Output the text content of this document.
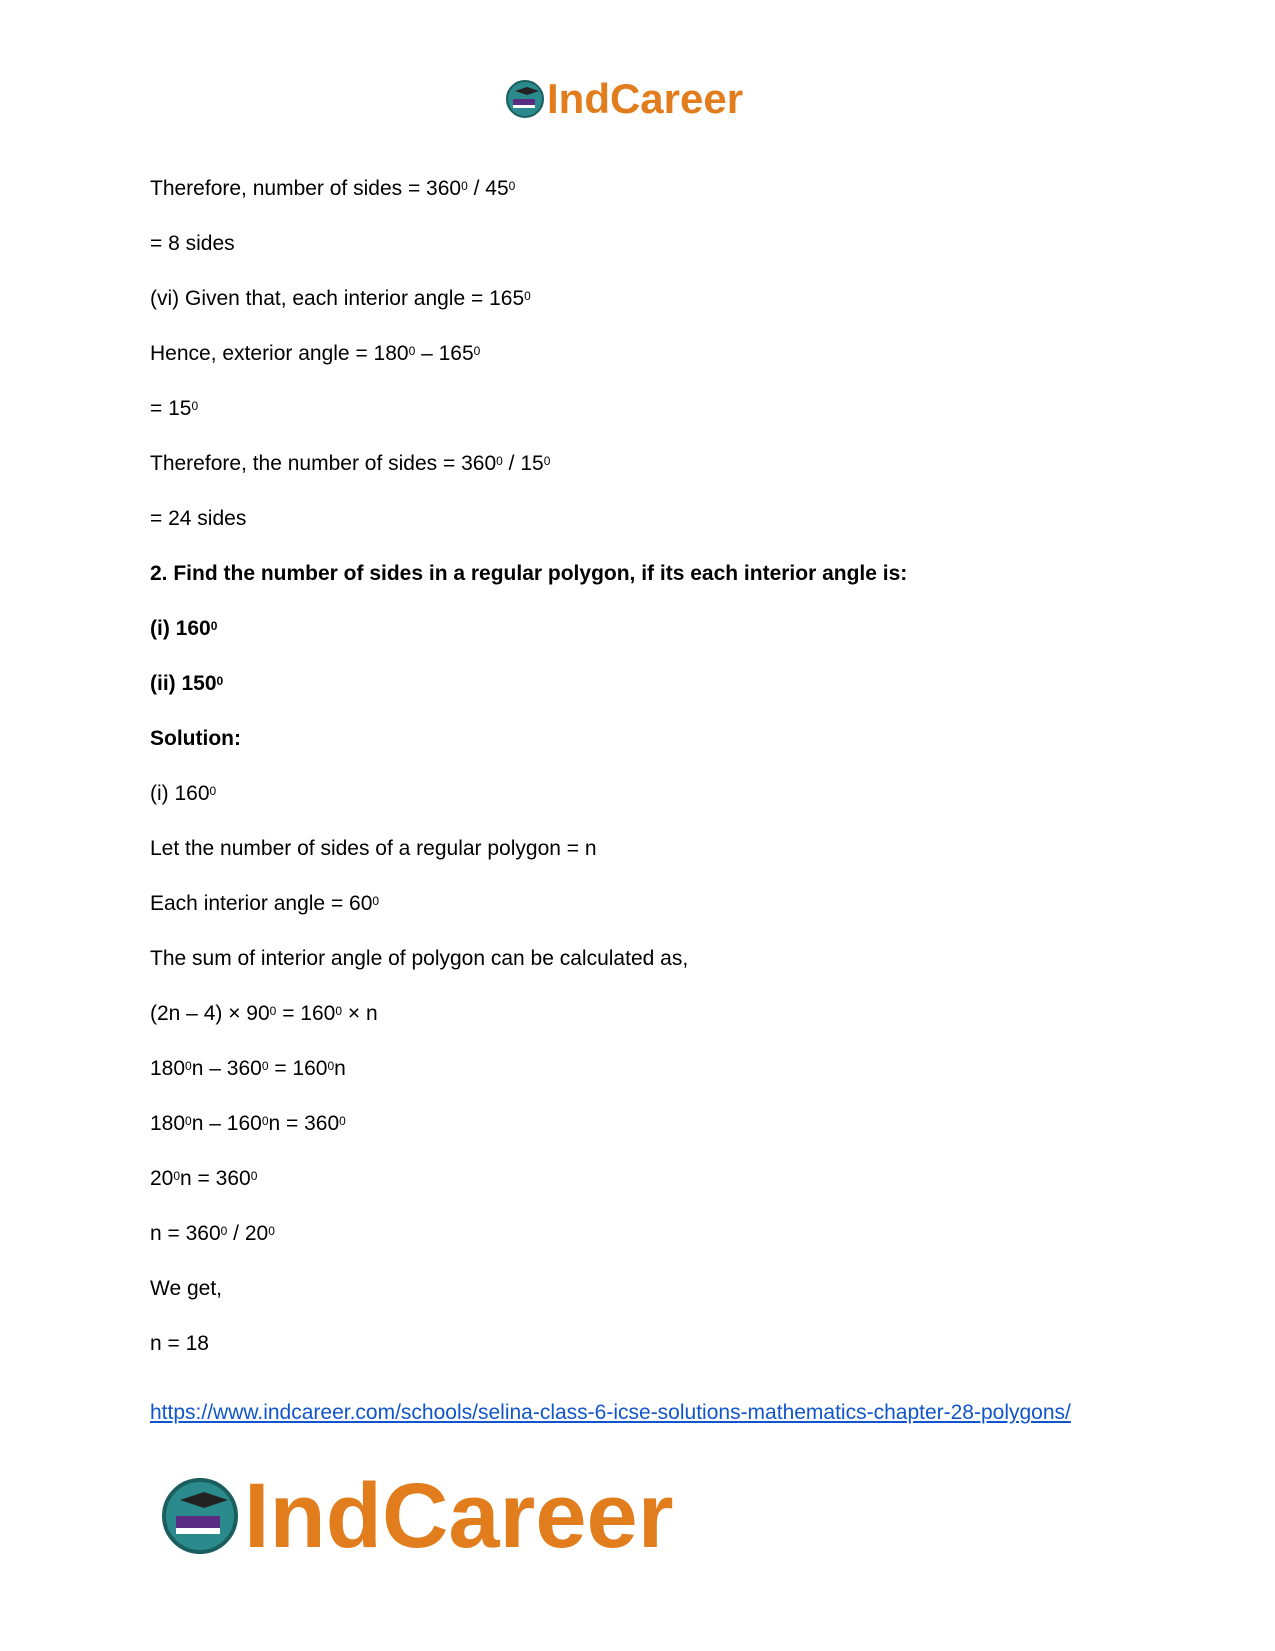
IndCareer
Therefore, number of sides = $360^0 / 45^0$
= 8 sides
(vi) Given that, each interior angle = $165^0$
Hence, exterior angle = $180^0 - 165^0$
= $15^0$
Therefore, the number of sides = $360^0 / 15^0$
= 24 sides
2. Find the number of sides in a regular polygon, if its each interior angle is:
(i) $160^0$
(ii) $150^0$
Solution:
(i) $160^0$
Let the number of sides of a regular polygon = n
Each interior angle = $60^0$
The sum of interior angle of polygon can be calculated as,
$(2n - 4) \times 90^0 = 160^0 \times n$
$180^0n - 360^0 = 160^0n$
$180^0n - 160^0n = 360^0$
$20^0n = 360^0$
$n = 360^0 / 20^0$
We get,
n = 18
https://www.indcareer.com/schools/selina-class-6-icse-solutions-mathematics-chapter-28-polygons/
IndCareer
